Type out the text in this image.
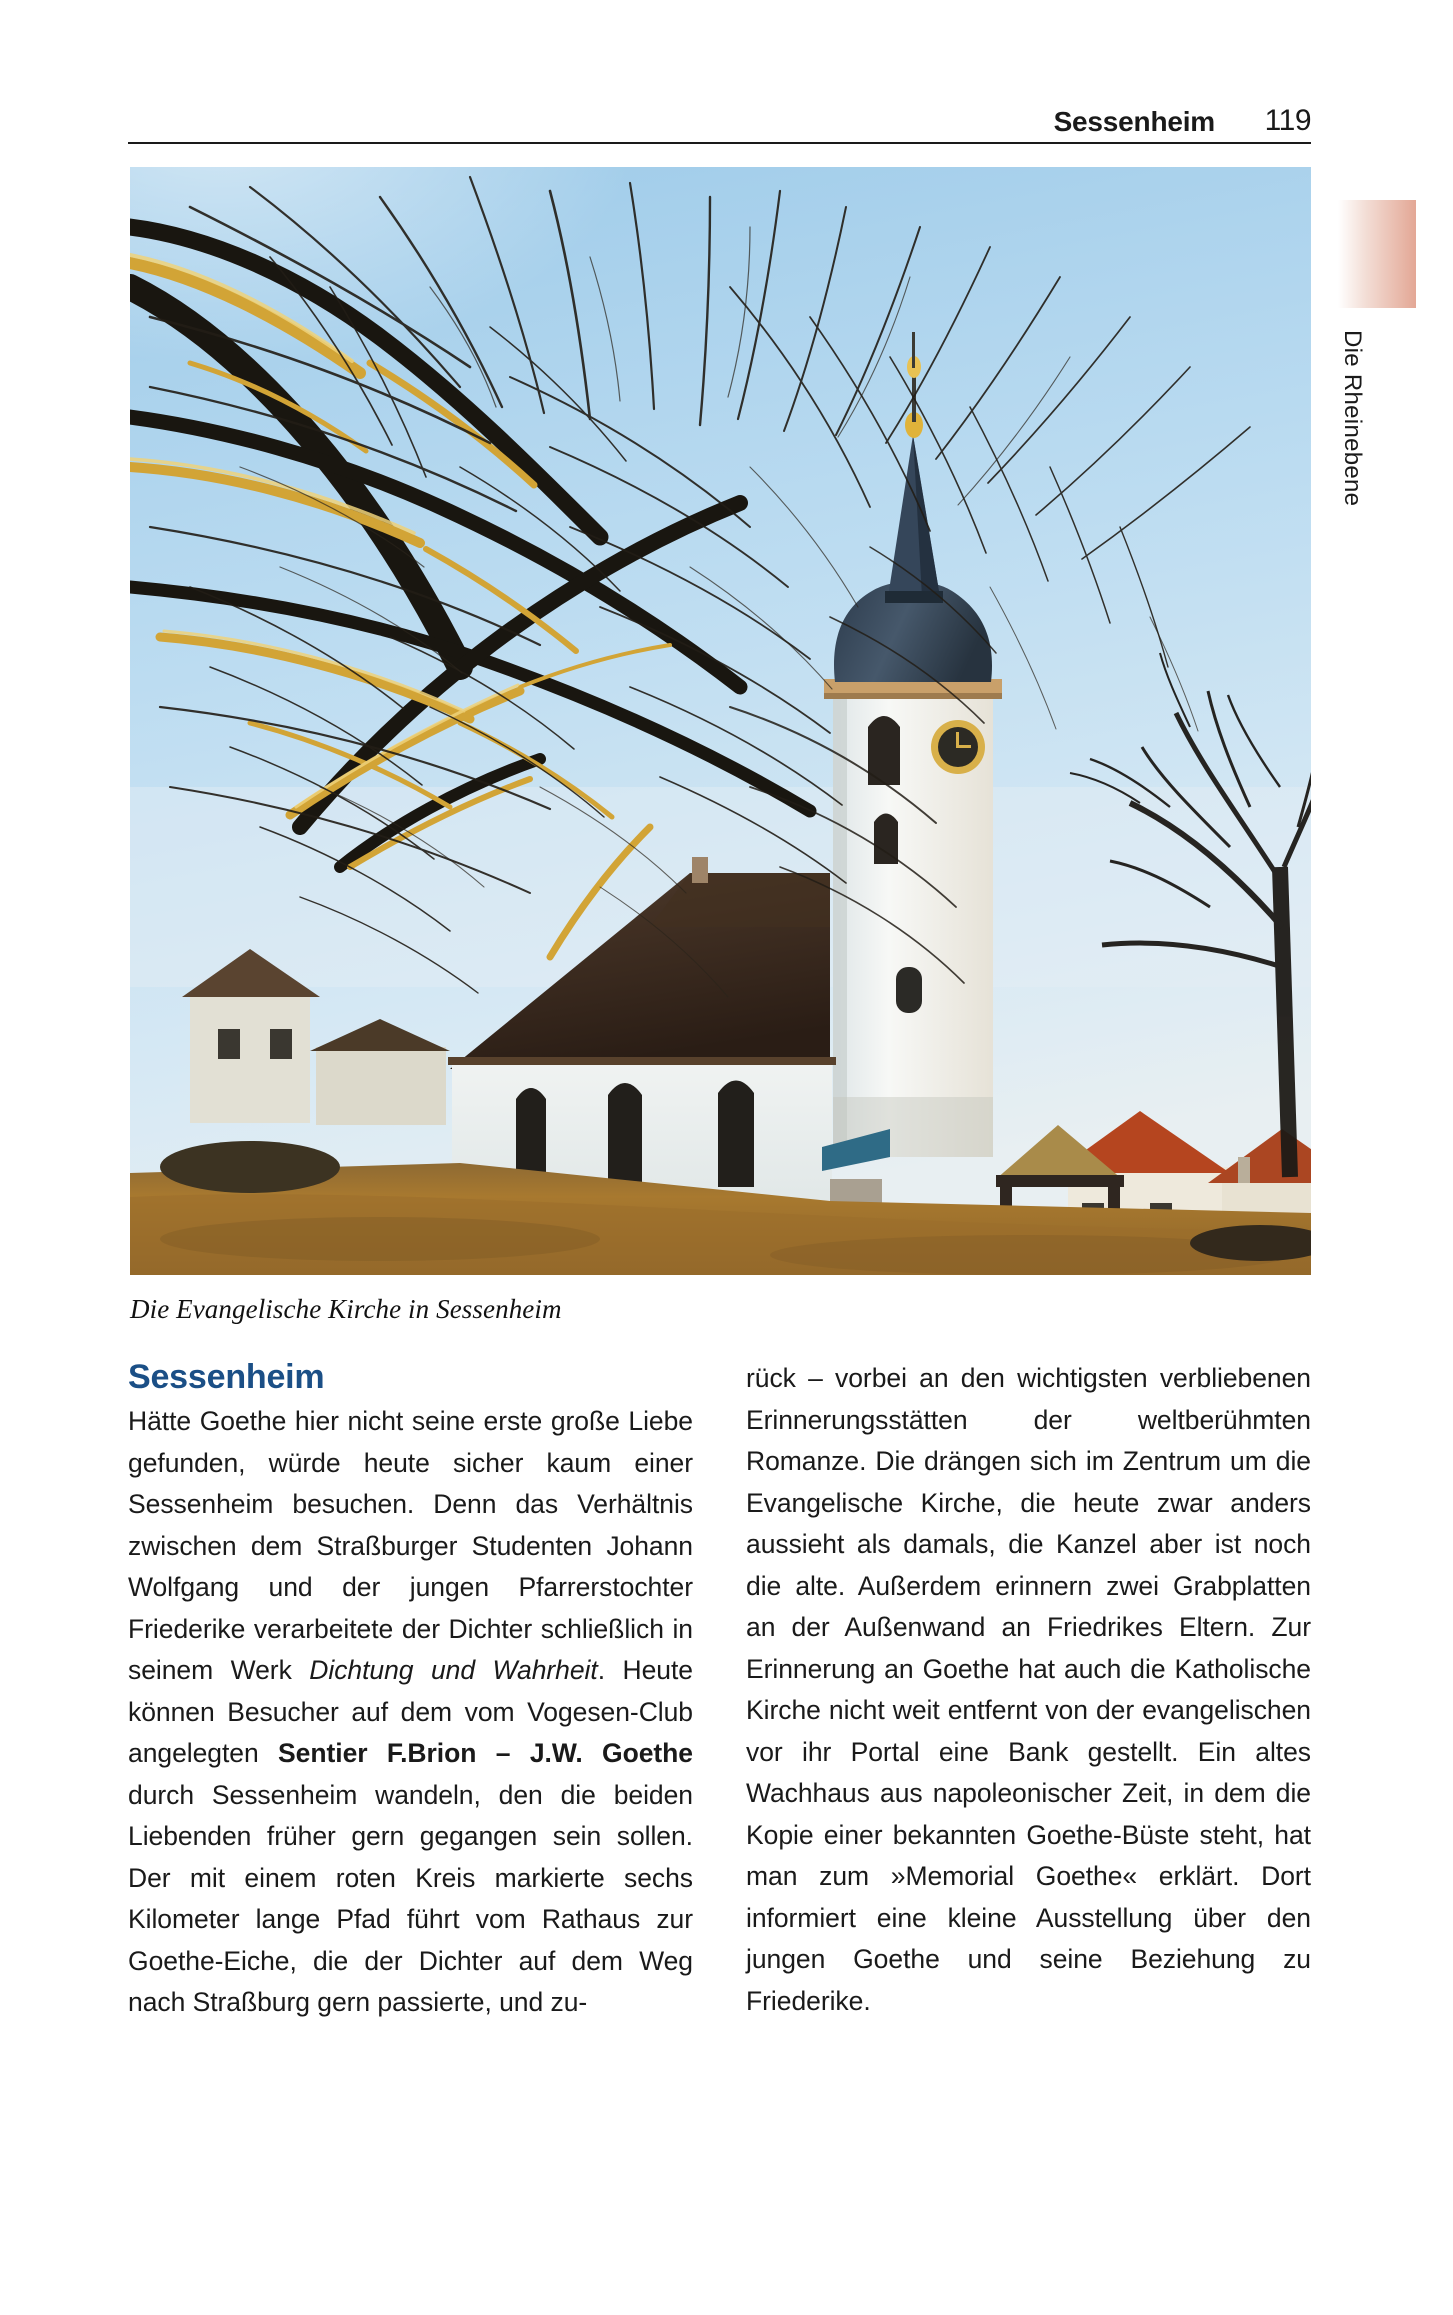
Sessenheim 119
Die Rheinebene
Die Evangelische Kirche in Sessenheim
Sessenheim

Hätte Goethe hier nicht seine erste große Liebe gefunden, würde heute sicher kaum einer Sessenheim besuchen. Denn das Verhältnis zwischen dem Straßburger Studenten Johann Wolfgang und der jungen Pfarrerstochter Friederike verarbeitete der Dichter schließlich in seinem Werk Dichtung und Wahrheit. Heute können Besucher auf dem vom Vogesen-Club angelegten Sentier F.Brion – J.W. Goethe durch Sessenheim wandeln, den die beiden Liebenden früher gern gegangen sein sollen. Der mit einem roten Kreis markierte sechs Kilometer lange Pfad führt vom Rathaus zur Goethe-Eiche, die der Dichter auf dem Weg nach Straßburg gern passierte, und zu-

rück – vorbei an den wichtigsten verbliebenen Erinnerungsstätten der weltberühmten Romanze. Die drängen sich im Zentrum um die Evangelische Kirche, die heute zwar anders aussieht als damals, die Kanzel aber ist noch die alte. Außerdem erinnern zwei Grabplatten an der Außenwand an Friedrikes Eltern. Zur Erinnerung an Goethe hat auch die Katholische Kirche nicht weit entfernt von der evangelischen vor ihr Portal eine Bank gestellt. Ein altes Wachhaus aus napoleonischer Zeit, in dem die Kopie einer bekannten Goethe-Büste steht, hat man zum »Memorial Goethe« erklärt. Dort informiert eine kleine Ausstellung über den jungen Goethe und seine Beziehung zu Friederike.
